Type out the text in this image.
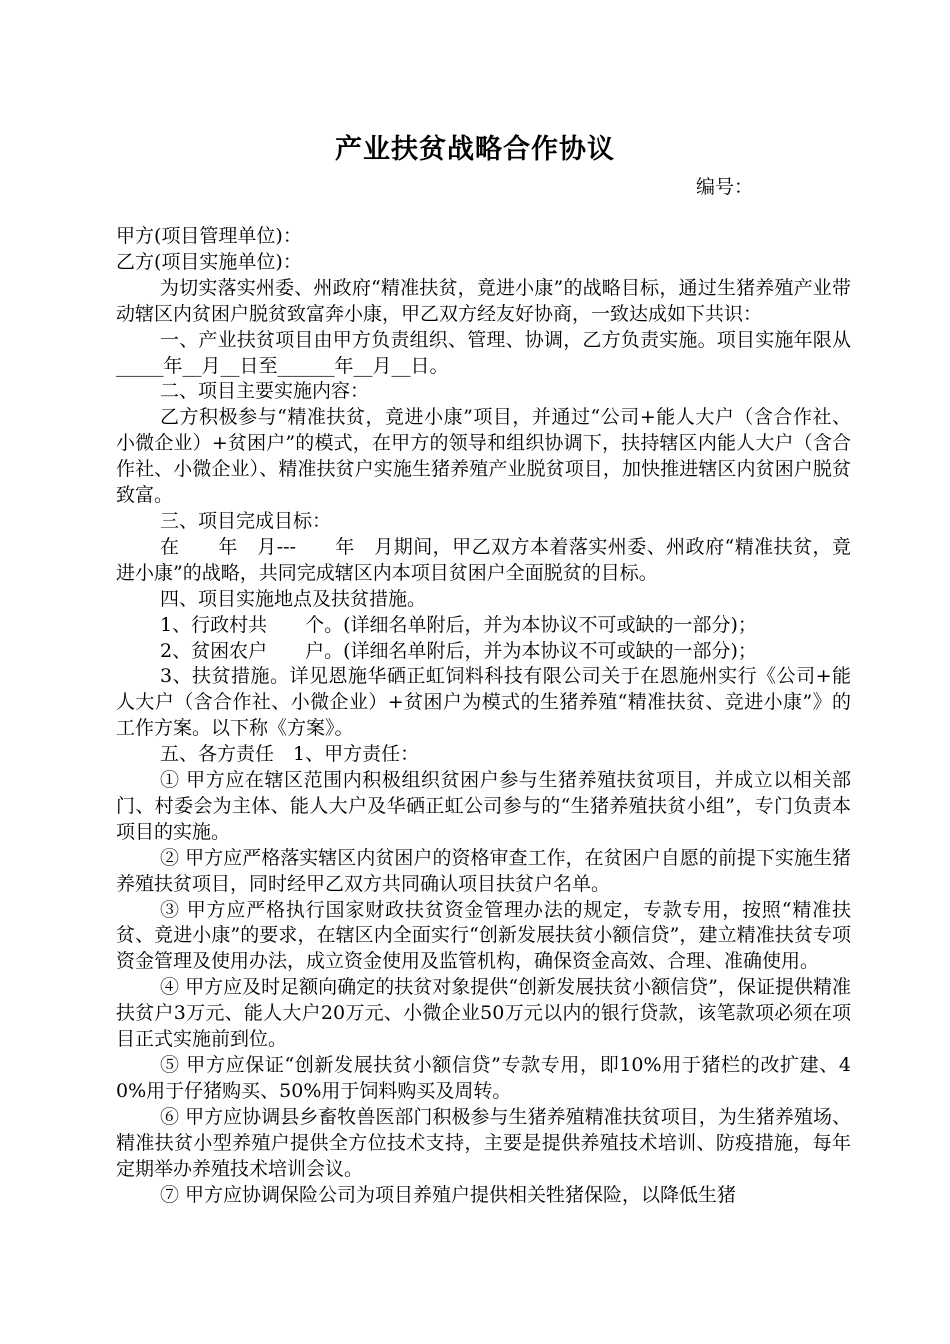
产业扶贫战略合作协议
编号：

甲方(项目管理单位)：

乙方(项目实施单位)：

为切实落实州委、州政府“精准扶贫，竟进小康”的战略目标，通过生猪养殖产业带动辖区内贫困户脱贫致富奔小康，甲乙双方经友好协商，一致达成如下共识：

一、产业扶贫项目由甲方负责组织、管理、协调，乙方负责实施。项目实施年限从_____年__月__日至______年__月__日。

二、项目主要实施内容：

乙方积极参与“精准扶贫，竟进小康”项目，并通过“公司+能人大户（含合作社、小微企业）+贫困户”的模式，在甲方的领导和组织协调下，扶持辖区内能人大户（含合作社、小微企业）、精准扶贫户实施生猪养殖产业脱贫项目，加快推进辖区内贫困户脱贫致富。

三、项目完成目标：

在　　年　月---　　年　月期间，甲乙双方本着落实州委、州政府“精准扶贫，竟进小康”的战略，共同完成辖区内本项目贫困户全面脱贫的目标。

四、项目实施地点及扶贫措施。

1、行政村共　　个。(详细名单附后，并为本协议不可或缺的一部分)；

2、贫困农户　　户。(详细名单附后，并为本协议不可或缺的一部分)；

3、扶贫措施。详见恩施华硒正虹饲料科技有限公司关于在恩施州实行《公司+能人大户（含合作社、小微企业）+贫困户为模式的生猪养殖“精准扶贫、竞进小康”》的工作方案。以下称《方案》。

五、各方责任　1、甲方责任：

① 甲方应在辖区范围内积极组织贫困户参与生猪养殖扶贫项目，并成立以相关部门、村委会为主体、能人大户及华硒正虹公司参与的“生猪养殖扶贫小组”，专门负责本项目的实施。

② 甲方应严格落实辖区内贫困户的资格审查工作，在贫困户自愿的前提下实施生猪养殖扶贫项目，同时经甲乙双方共同确认项目扶贫户名单。

③ 甲方应严格执行国家财政扶贫资金管理办法的规定，专款专用，按照“精准扶贫、竟进小康”的要求，在辖区内全面实行“创新发展扶贫小额信贷”，建立精准扶贫专项资金管理及使用办法，成立资金使用及监管机构，确保资金高效、合理、准确使用。

④ 甲方应及时足额向确定的扶贫对象提供“创新发展扶贫小额信贷”，保证提供精准扶贫户3万元、能人大户20万元、小微企业50万元以内的银行贷款，该笔款项必须在项目正式实施前到位。

⑤ 甲方应保证“创新发展扶贫小额信贷”专款专用，即10%用于猪栏的改扩建、40%用于仔猪购买、50%用于饲料购买及周转。

⑥ 甲方应协调县乡畜牧兽医部门积极参与生猪养殖精准扶贫项目，为生猪养殖场、精准扶贫小型养殖户提供全方位技术支持，主要是提供养殖技术培训、防疫措施，每年定期举办养殖技术培训会议。

⑦ 甲方应协调保险公司为项目养殖户提供相关牲猪保险，以降低生猪
